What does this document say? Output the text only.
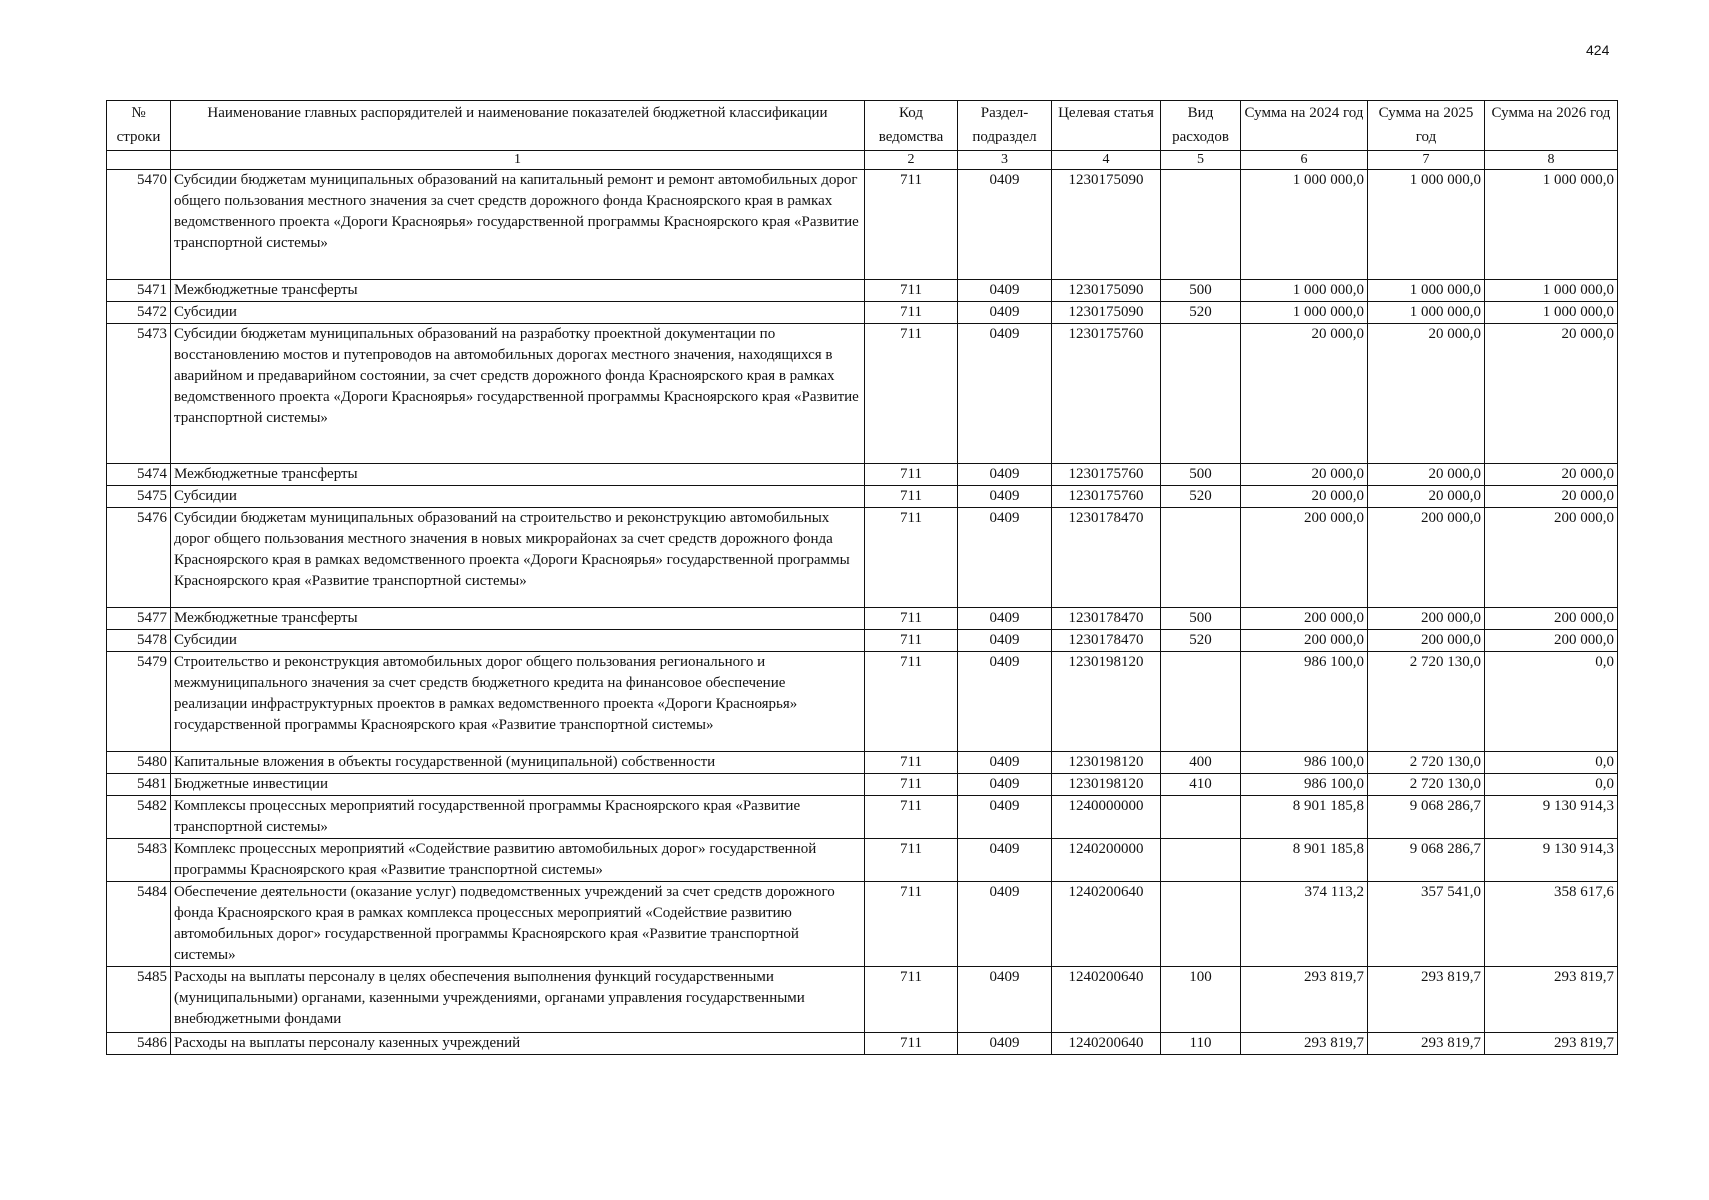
424
№ строки	Наименование главных распорядителей и наименование показателей бюджетной классификации	Код ведомства	Раздел-подраздел	Целевая статья	Вид расходов	Сумма на 2024 год	Сумма на 2025 год	Сумма на 2026 год
	1	2	3	4	5	6	7	8
5470	Субсидии бюджетам муниципальных образований на капитальный ремонт и ремонт автомобильных дорог общего пользования местного значения за счет средств дорожного фонда Красноярского края в рамках ведомственного проекта «Дороги Красноярья» государственной программы Красноярского края «Развитие транспортной системы»	711	0409	1230175090		1 000 000,0	1 000 000,0	1 000 000,0
5471	Межбюджетные трансферты	711	0409	1230175090	500	1 000 000,0	1 000 000,0	1 000 000,0
5472	Субсидии	711	0409	1230175090	520	1 000 000,0	1 000 000,0	1 000 000,0
5473	Субсидии бюджетам муниципальных образований на разработку проектной документации по восстановлению мостов и путепроводов на автомобильных дорогах местного значения, находящихся в аварийном и предаварийном состоянии, за счет средств дорожного фонда Красноярского края в рамках ведомственного проекта «Дороги Красноярья» государственной программы Красноярского края «Развитие транспортной системы»	711	0409	1230175760		20 000,0	20 000,0	20 000,0
5474	Межбюджетные трансферты	711	0409	1230175760	500	20 000,0	20 000,0	20 000,0
5475	Субсидии	711	0409	1230175760	520	20 000,0	20 000,0	20 000,0
5476	Субсидии бюджетам муниципальных образований на строительство и реконструкцию автомобильных дорог общего пользования местного значения в новых микрорайонах за счет средств дорожного фонда Красноярского края в рамках ведомственного проекта «Дороги Красноярья» государственной программы Красноярского края «Развитие транспортной системы»	711	0409	1230178470		200 000,0	200 000,0	200 000,0
5477	Межбюджетные трансферты	711	0409	1230178470	500	200 000,0	200 000,0	200 000,0
5478	Субсидии	711	0409	1230178470	520	200 000,0	200 000,0	200 000,0
5479	Строительство и реконструкция автомобильных дорог общего пользования регионального и межмуниципального значения за счет средств бюджетного кредита на финансовое обеспечение реализации инфраструктурных проектов в рамках ведомственного проекта «Дороги Красноярья» государственной программы Красноярского края «Развитие транспортной системы»	711	0409	1230198120		986 100,0	2 720 130,0	0,0
5480	Капитальные вложения в объекты государственной (муниципальной) собственности	711	0409	1230198120	400	986 100,0	2 720 130,0	0,0
5481	Бюджетные инвестиции	711	0409	1230198120	410	986 100,0	2 720 130,0	0,0
5482	Комплексы процессных мероприятий государственной программы Красноярского края «Развитие транспортной системы»	711	0409	1240000000		8 901 185,8	9 068 286,7	9 130 914,3
5483	Комплекс процессных мероприятий «Содействие развитию автомобильных дорог» государственной программы Красноярского края «Развитие транспортной системы»	711	0409	1240200000		8 901 185,8	9 068 286,7	9 130 914,3
5484	Обеспечение деятельности (оказание услуг) подведомственных учреждений за счет средств дорожного фонда Красноярского края в рамках комплекса процессных мероприятий «Содействие развитию автомобильных дорог» государственной программы Красноярского края «Развитие транспортной системы»	711	0409	1240200640		374 113,2	357 541,0	358 617,6
5485	Расходы на выплаты персоналу в целях обеспечения выполнения функций государственными (муниципальными) органами, казенными учреждениями, органами управления государственными внебюджетными фондами	711	0409	1240200640	100	293 819,7	293 819,7	293 819,7
5486	Расходы на выплаты персоналу казенных учреждений	711	0409	1240200640	110	293 819,7	293 819,7	293 819,7
